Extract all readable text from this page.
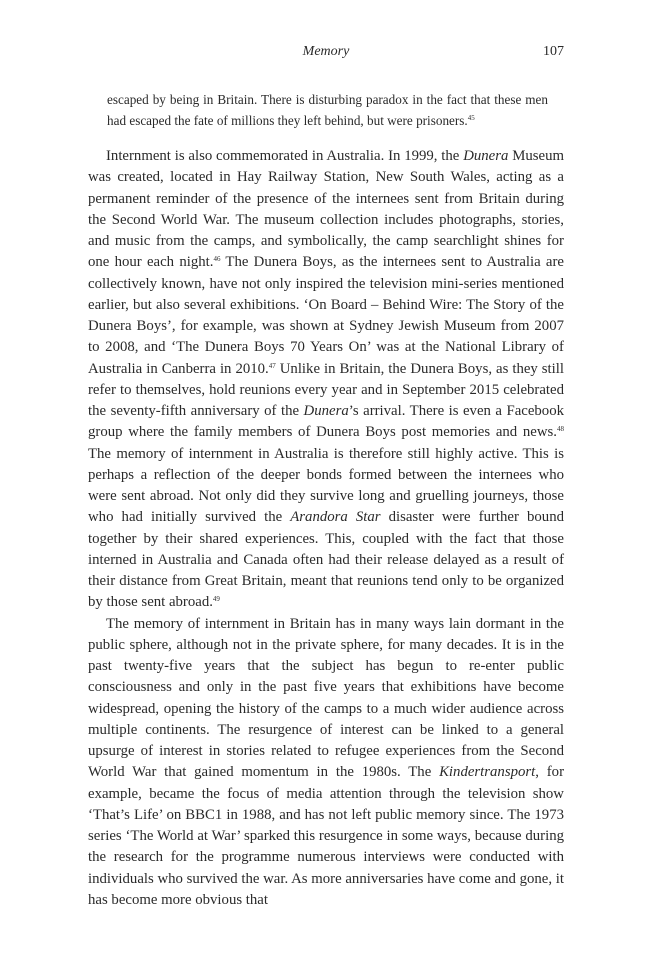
Memory	107

escaped by being in Britain. There is disturbing paradox in the fact that these men had escaped the fate of millions they left behind, but were prisoners.$^{45}$

Internment is also commemorated in Australia. In 1999, the Dunera Museum was created, located in Hay Railway Station, New South Wales, acting as a permanent reminder of the presence of the internees sent from Britain during the Second World War. The museum collection includes photographs, stories, and music from the camps, and symbolically, the camp searchlight shines for one hour each night.$^{46}$ The Dunera Boys, as the internees sent to Australia are collectively known, have not only inspired the television mini-series mentioned earlier, but also several exhibitions. ‘On Board – Behind Wire: The Story of the Dunera Boys’, for example, was shown at Sydney Jewish Museum from 2007 to 2008, and ‘The Dunera Boys 70 Years On’ was at the National Library of Australia in Canberra in 2010.47 Unlike in Britain, the Dunera Boys, as they still refer to themselves, hold reunions every year and in September 2015 celebrated the seventy-fifth anniversary of the Dunera’s arrival. There is even a Facebook group where the family members of Dunera Boys post memories and news.$^{48}$ The memory of internment in Australia is therefore still highly active. This is perhaps a reflection of the deeper bonds formed between the internees who were sent abroad. Not only did they survive long and gruelling journeys, those who had initially survived the Arandora Star disaster were further bound together by their shared experiences. This, coupled with the fact that those interned in Australia and Canada often had their release delayed as a result of their distance from Great Britain, meant that reunions tend only to be organized by those sent abroad.$^{49}$

The memory of internment in Britain has in many ways lain dormant in the public sphere, although not in the private sphere, for many decades. It is in the past twenty-five years that the subject has begun to re-enter public consciousness and only in the past five years that exhibitions have become widespread, opening the history of the camps to a much wider audience across multiple continents. The resurgence of interest can be linked to a general upsurge of interest in stories related to refugee experiences from the Second World War that gained momentum in the 1980s. The Kindertransport, for example, became the focus of media attention through the television show ‘That’s Life’ on BBC1 in 1988, and has not left public memory since. The 1973 series ‘The World at War’ sparked this resurgence in some ways, because during the research for the programme numerous interviews were conducted with individuals who survived the war. As more anniversaries have come and gone, it has become more obvious that
